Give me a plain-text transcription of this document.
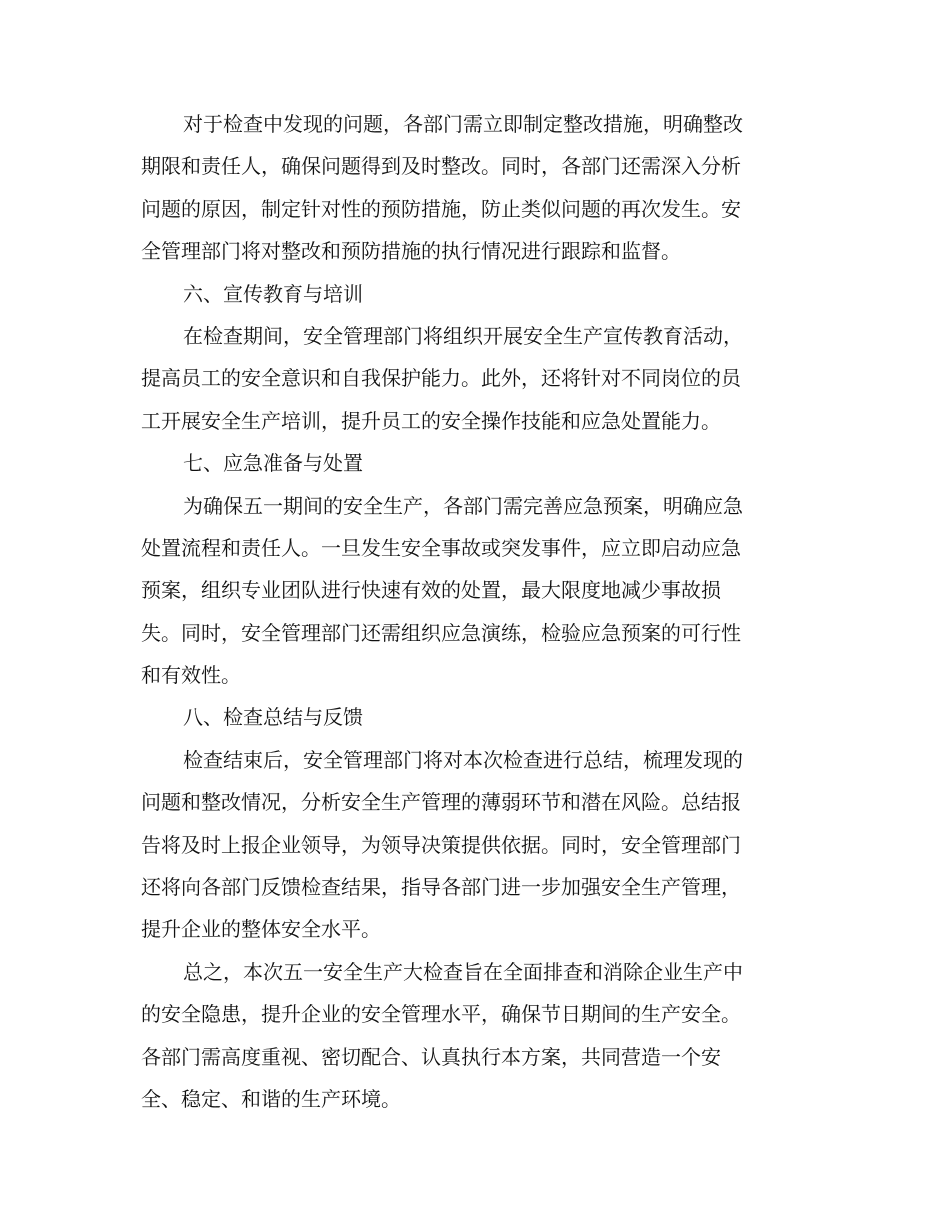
对于检查中发现的问题，各部门需立即制定整改措施，明确整改
期限和责任人，确保问题得到及时整改。同时，各部门还需深入分析
问题的原因，制定针对性的预防措施，防止类似问题的再次发生。安
全管理部门将对整改和预防措施的执行情况进行跟踪和监督。
六、宣传教育与培训
在检查期间，安全管理部门将组织开展安全生产宣传教育活动，
提高员工的安全意识和自我保护能力。此外，还将针对不同岗位的员
工开展安全生产培训，提升员工的安全操作技能和应急处置能力。
七、应急准备与处置
为确保五一期间的安全生产，各部门需完善应急预案，明确应急
处置流程和责任人。一旦发生安全事故或突发事件，应立即启动应急
预案，组织专业团队进行快速有效的处置，最大限度地减少事故损
失。同时，安全管理部门还需组织应急演练，检验应急预案的可行性
和有效性。
八、检查总结与反馈
检查结束后，安全管理部门将对本次检查进行总结，梳理发现的
问题和整改情况，分析安全生产管理的薄弱环节和潜在风险。总结报
告将及时上报企业领导，为领导决策提供依据。同时，安全管理部门
还将向各部门反馈检查结果，指导各部门进一步加强安全生产管理，
提升企业的整体安全水平。
总之，本次五一安全生产大检查旨在全面排查和消除企业生产中
的安全隐患，提升企业的安全管理水平，确保节日期间的生产安全。
各部门需高度重视、密切配合、认真执行本方案，共同营造一个安
全、稳定、和谐的生产环境。
